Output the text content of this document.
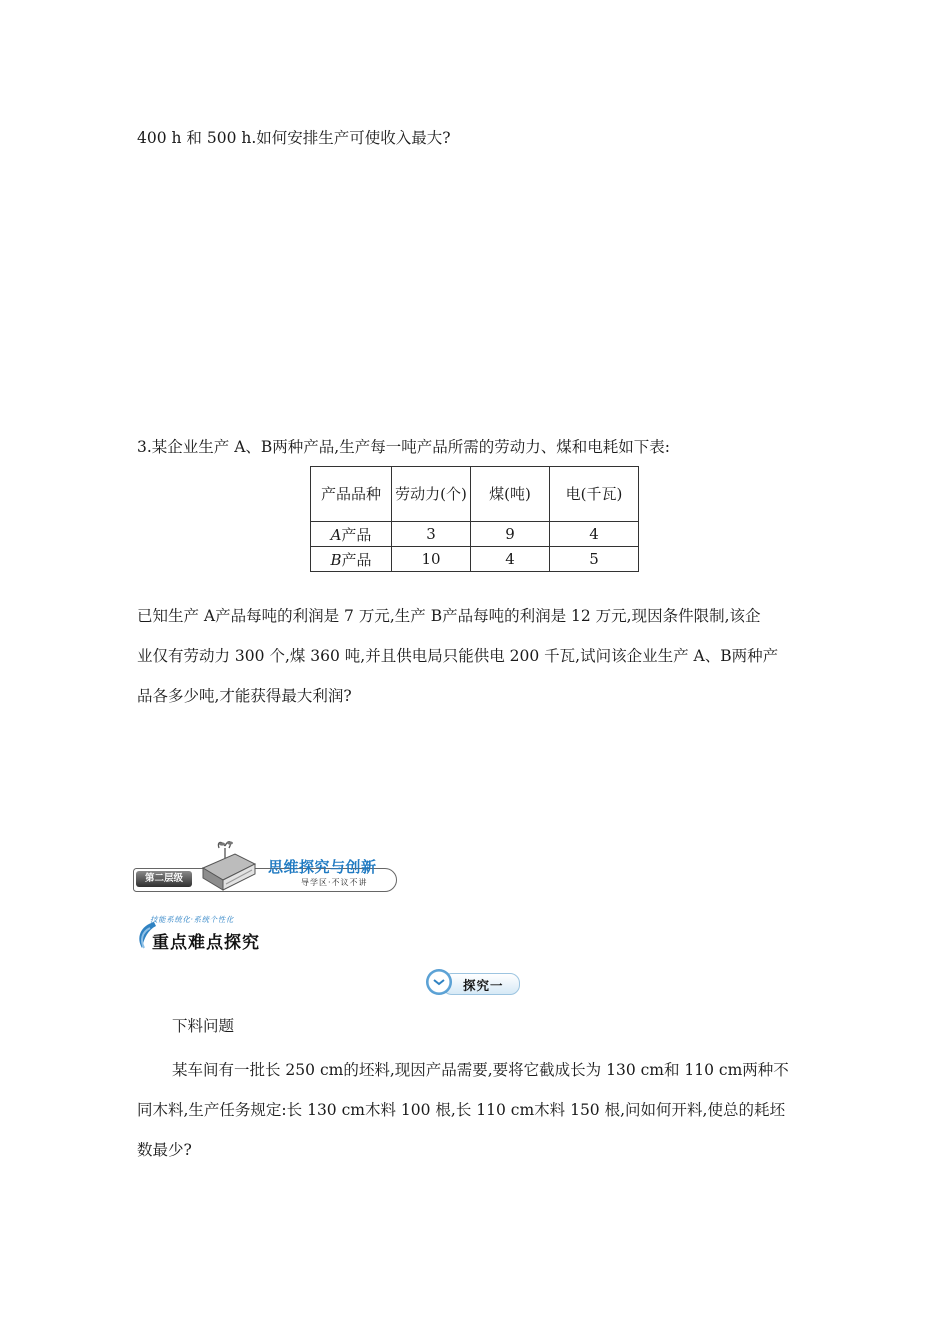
400 h 和 500 h.如何安排生产可使收入最大?
3.某企业生产 A、B两种产品,生产每一吨产品所需的劳动力、煤和电耗如下表:
产品品种	劳动力(个)	煤(吨)	电(千瓦)
A产品	3	9	4
B产品	10	4	5

已知生产 A产品每吨的利润是 7 万元,生产 B产品每吨的利润是 12 万元,现因条件限制,该企

业仅有劳动力 300 个,煤 360 吨,并且供电局只能供电 200 千瓦,试问该企业生产 A、B两种产

品各多少吨,才能获得最大利润?

第二层级
思维探究与创新
导学区·不议不讲
技能系统化·系统个性化
重点难点探究
探究一
下料问题

某车间有一批长 250 cm的坯料,现因产品需要,要将它截成长为 130 cm和 110 cm两种不

同木料,生产任务规定:长 130 cm木料 100 根,长 110 cm木料 150 根,问如何开料,使总的耗坯

数最少?
